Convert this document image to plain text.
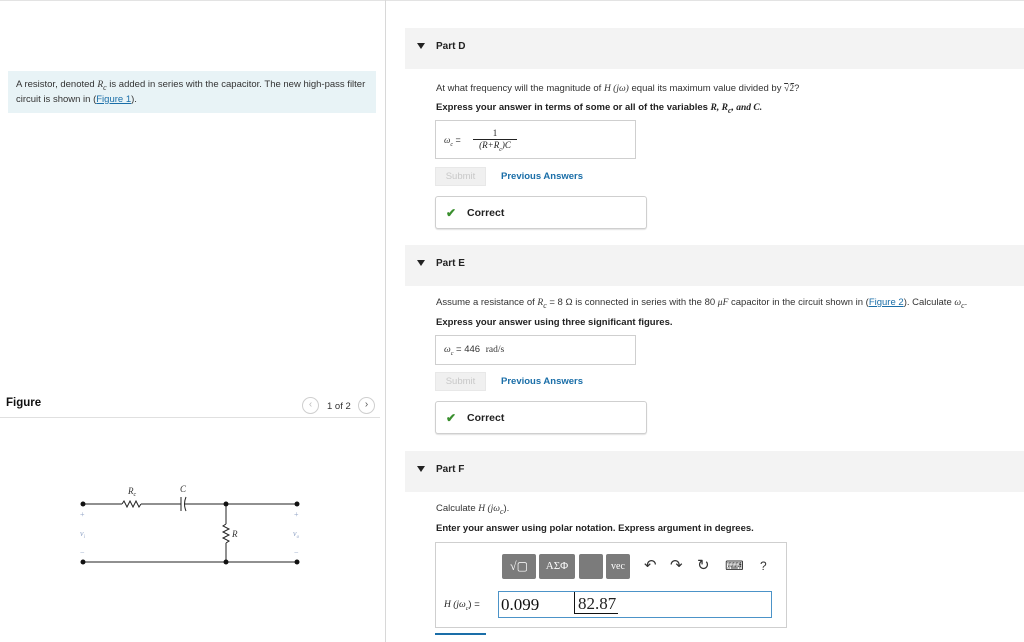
A resistor, denoted $R_c$ is added in series with the capacitor. The new high-pass filter circuit is shown in (Figure 1).
Figure	‹	1 of 2	›
$R_c$
C
R
+
$v_i$
−
+
$v_o$
−
Part D
At what frequency will the magnitude of H (jω) equal its maximum value divided by √2?
Express your answer in terms of some or all of the variables R, $R_c$, and C.
$\omega_c = \frac{1}{(R+R_c)C}$
Submit	Previous Answers
✔ Correct
Part E
Assume a resistance of $R_c = 8$ Ω is connected in series with the 80 μF capacitor in the circuit shown in (Figure 2). Calculate $\omega_c$.
Express your answer using three significant figures.
$\omega_c = 446$ rad/s
Submit	Previous Answers
✔ Correct
Part F
Calculate H $(j\omega_c)$.
Enter your answer using polar notation. Express argument in degrees.
√▢	ΑΣΦ	vec	↶ ↷ ↻ ⌨ ?
H $(j\omega_c) = 0.099$ 82.87
